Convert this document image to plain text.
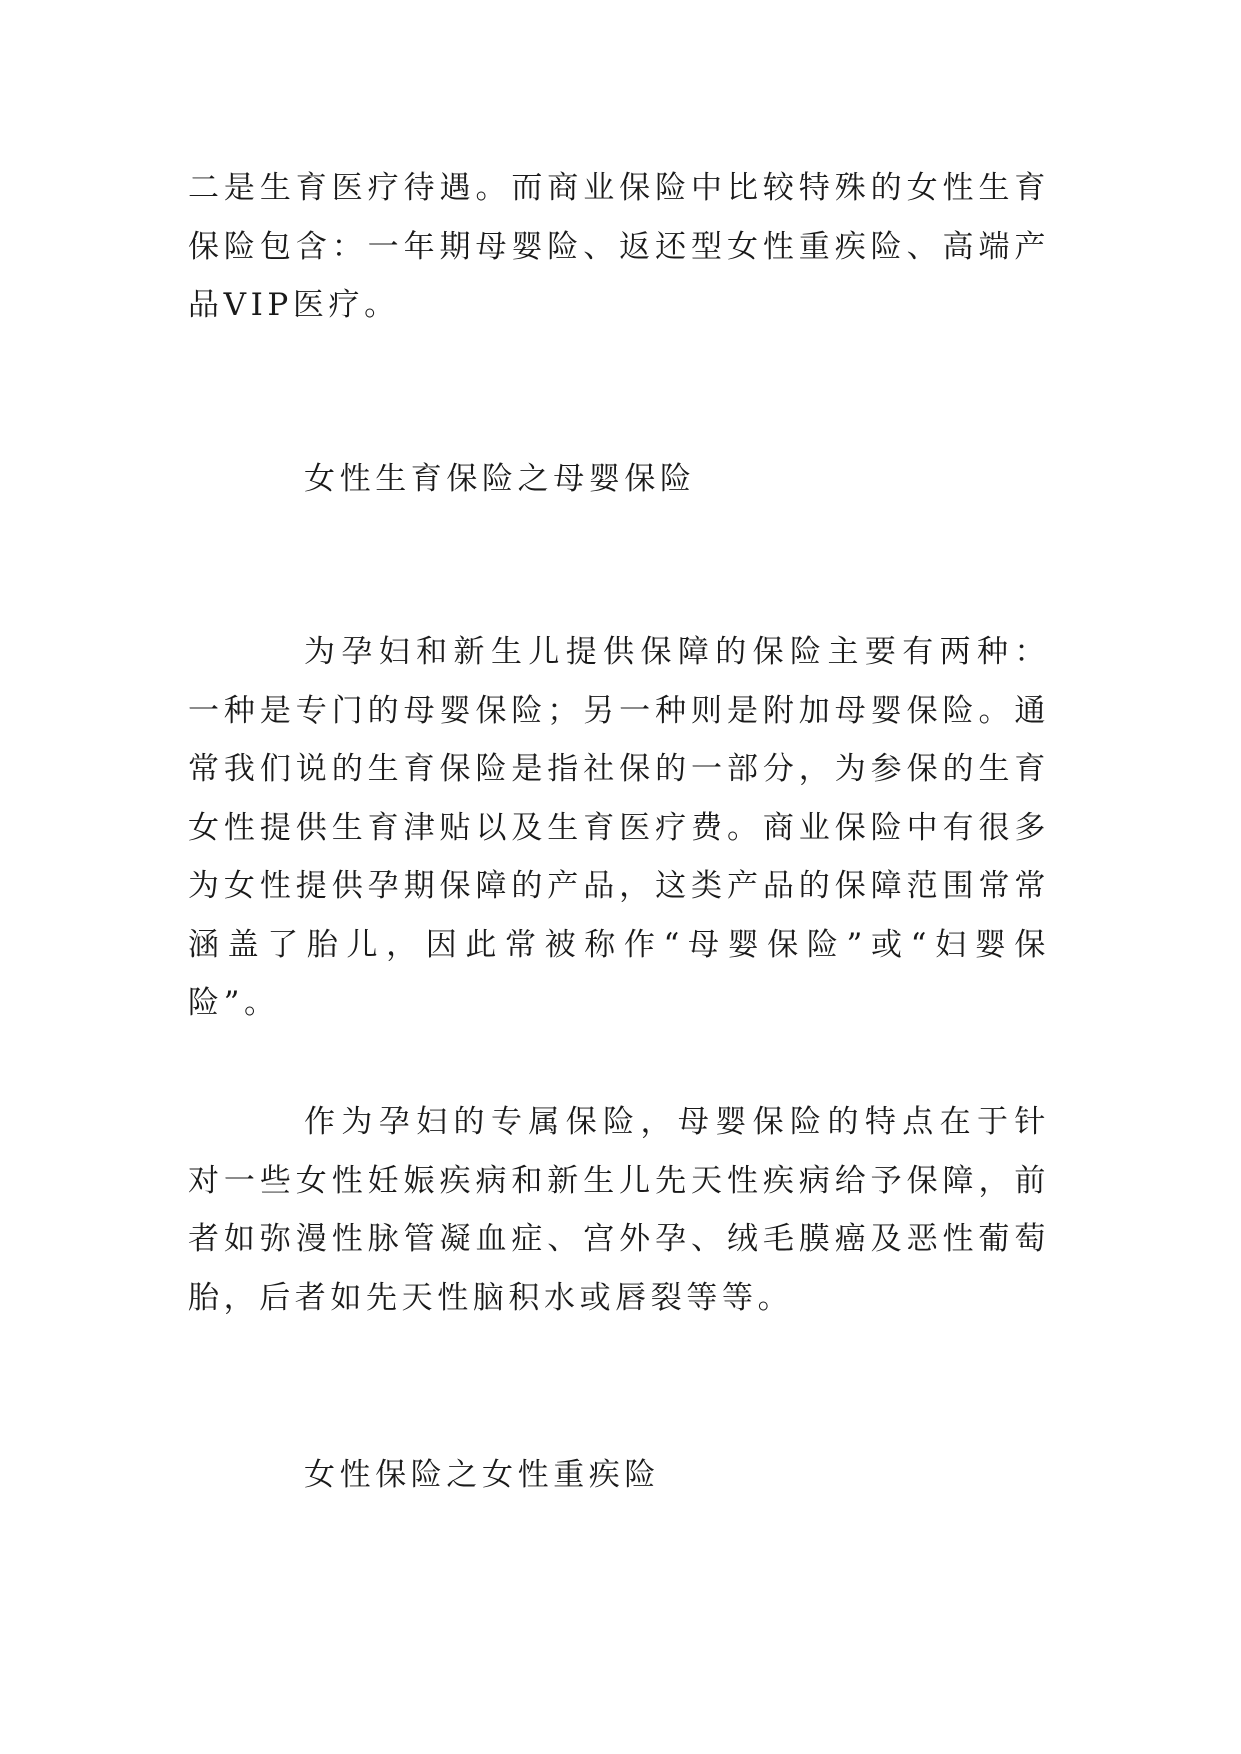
二是生育医疗待遇。而商业保险中比较特殊的女性生育保险包含：一年期母婴险、返还型女性重疾险、高端产品VIP医疗。

女性生育保险之母婴保险

为孕妇和新生儿提供保障的保险主要有两种：一种是专门的母婴保险；另一种则是附加母婴保险。通常我们说的生育保险是指社保的一部分，为参保的生育女性提供生育津贴以及生育医疗费。商业保险中有很多为女性提供孕期保障的产品，这类产品的保障范围常常涵盖了胎儿，因此常被称作“母婴保险”或“妇婴保险”。

作为孕妇的专属保险，母婴保险的特点在于针对一些女性妊娠疾病和新生儿先天性疾病给予保障，前者如弥漫性脉管凝血症、宫外孕、绒毛膜癌及恶性葡萄胎，后者如先天性脑积水或唇裂等等。

女性保险之女性重疾险
